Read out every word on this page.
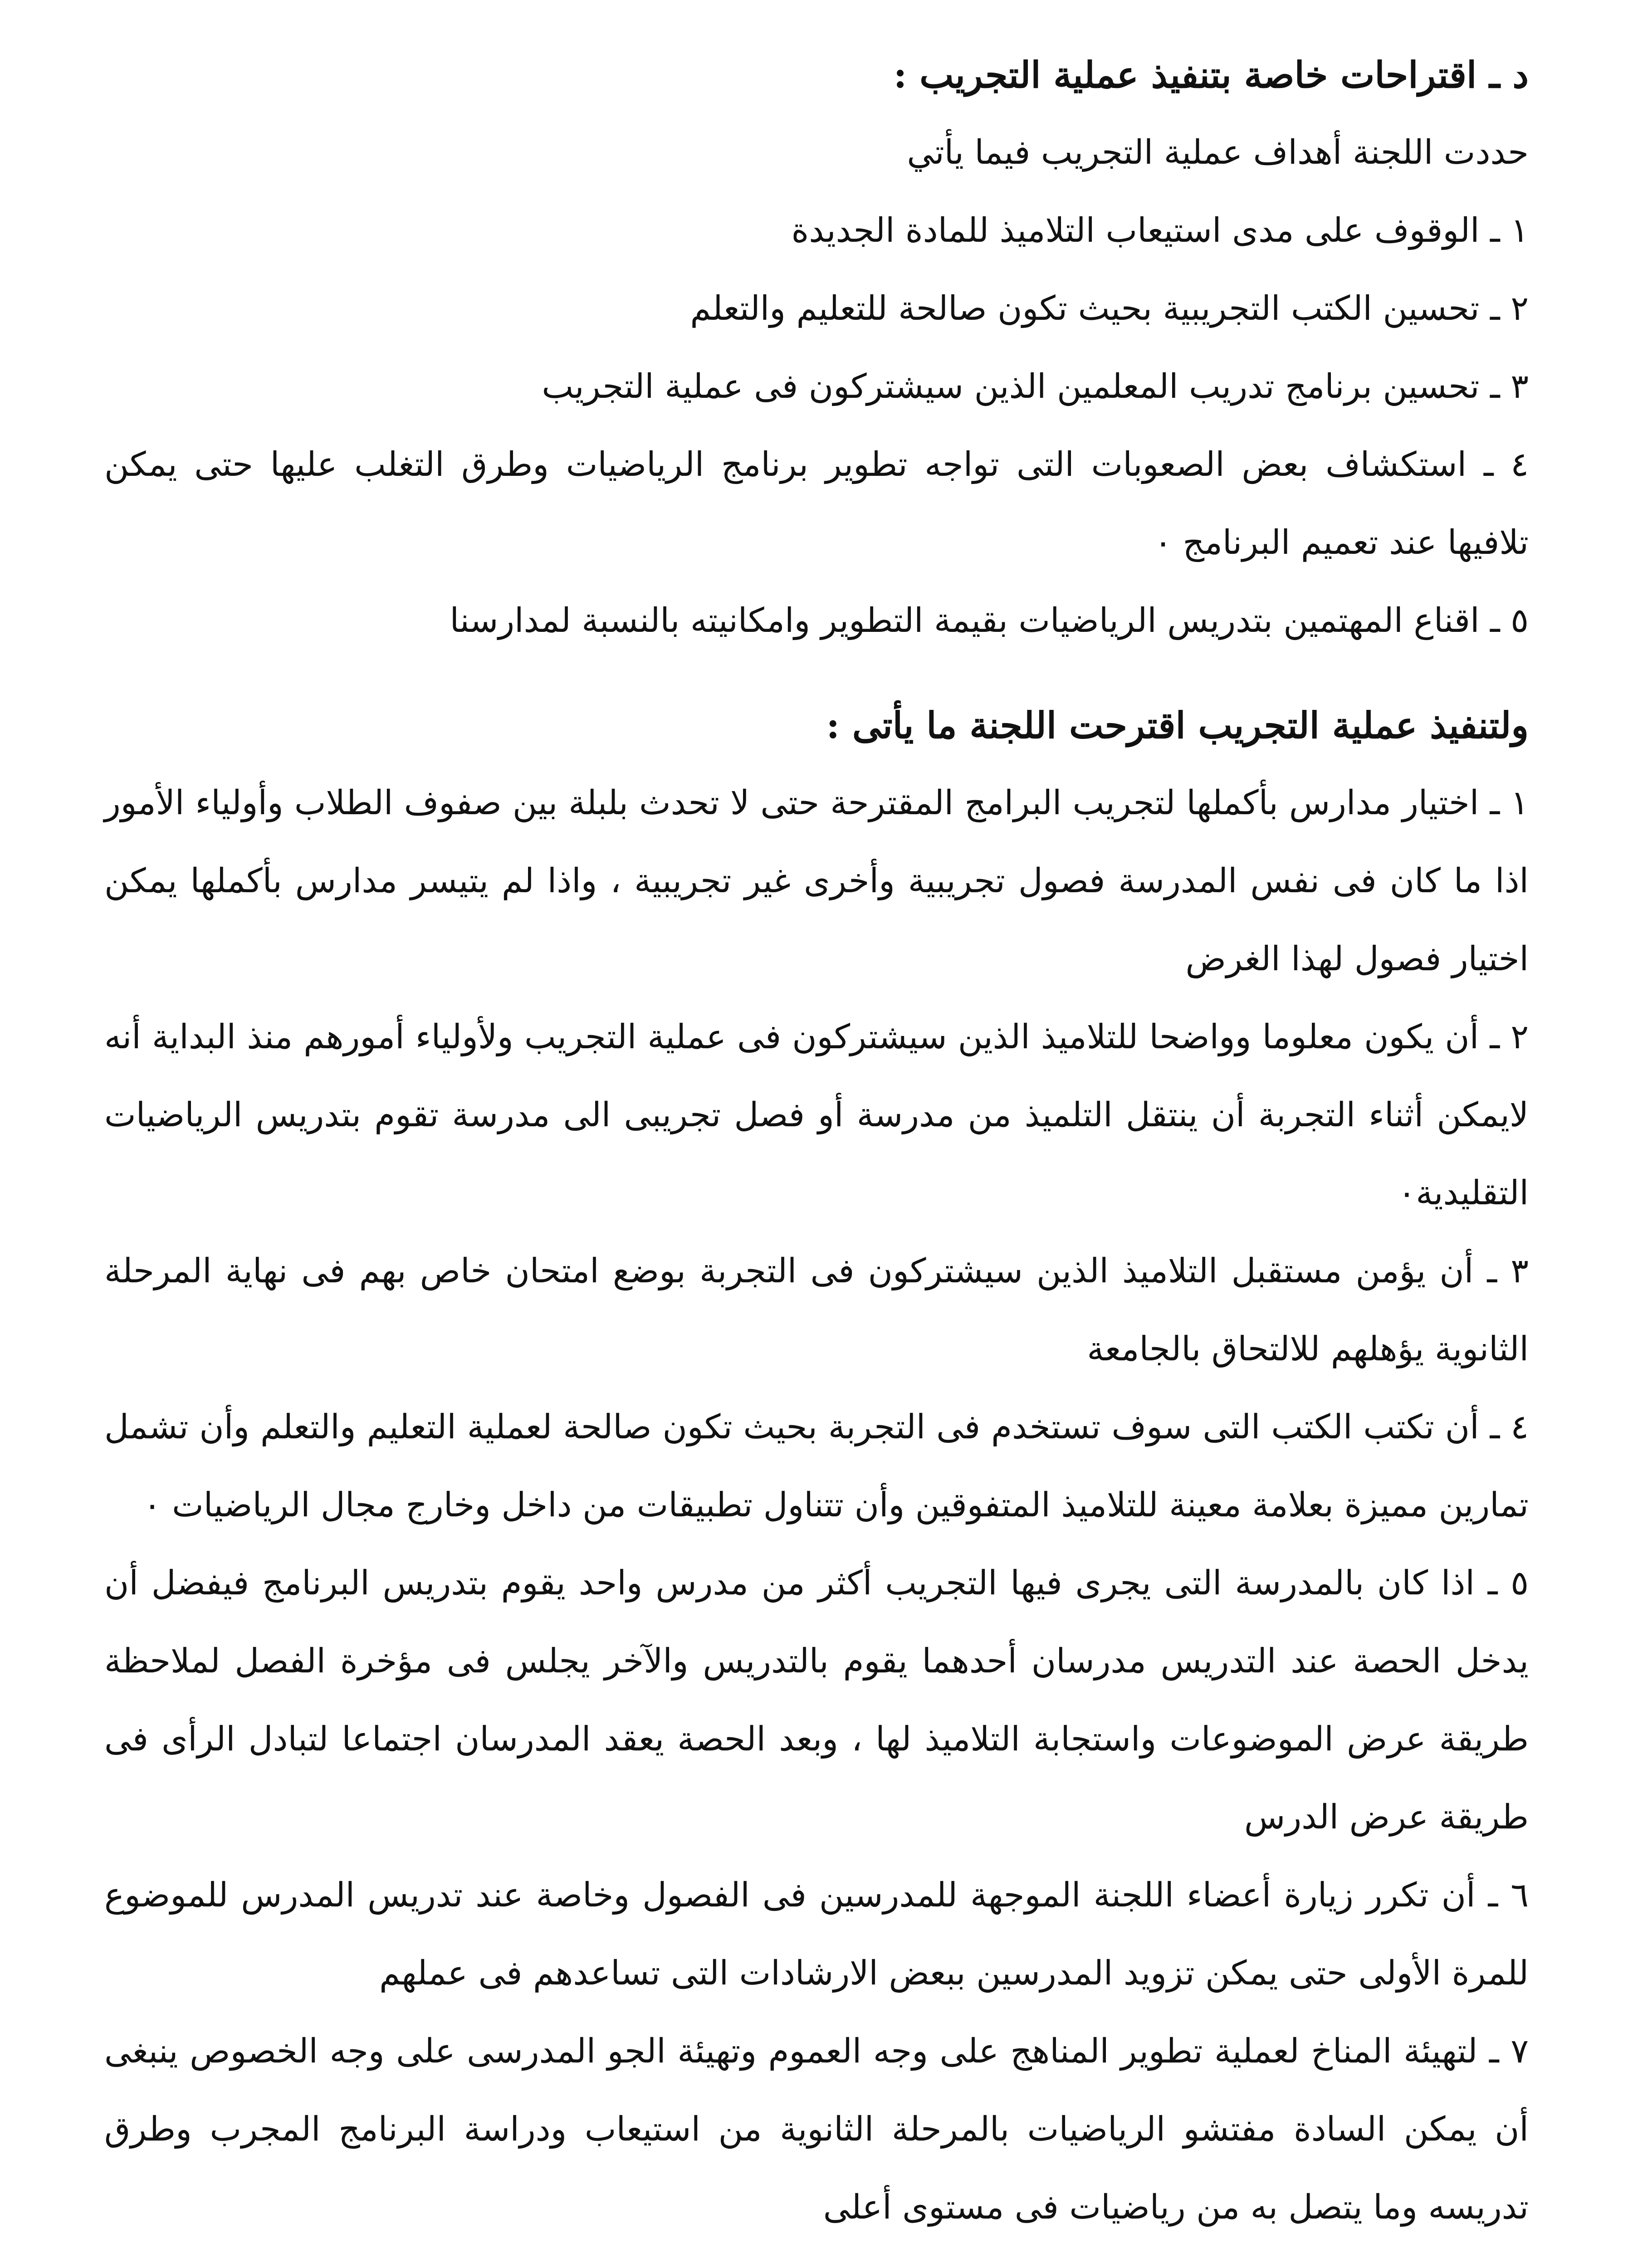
د ـ اقتراحات خاصة بتنفيذ عملية التجريب :

حددت اللجنة أهداف عملية التجريب فيما يأتي

١ ـ الوقوف على مدى استيعاب التلاميذ للمادة الجديدة

٢ ـ تحسين الكتب التجريبية بحيث تكون صالحة للتعليم والتعلم

٣ ـ تحسين برنامج تدريب المعلمين الذين سيشتركون فى عملية التجريب

٤ ـ استكشاف بعض الصعوبات التى تواجه تطوير برنامج الرياضيات وطرق التغلب عليها حتى يمكن تلافيها عند تعميم البرنامج ٠

٥ ـ اقناع المهتمين بتدريس الرياضيات بقيمة التطوير وامكانيته بالنسبة لمدارسنا

ولتنفيذ عملية التجريب اقترحت اللجنة ما يأتى :

١ ـ اختيار مدارس بأكملها لتجريب البرامج المقترحة حتى لا تحدث بلبلة بين صفوف الطلاب وأولياء الأمور اذا ما كان فى نفس المدرسة فصول تجريبية وأخرى غير تجريبية ، واذا لم يتيسر مدارس بأكملها يمكن اختيار فصول لهذا الغرض

٢ ـ أن يكون معلوما وواضحا للتلاميذ الذين سيشتركون فى عملية التجريب ولأولياء أمورهم منذ البداية أنه لايمكن أثناء التجربة أن ينتقل التلميذ من مدرسة أو فصل تجريبى الى مدرسة تقوم بتدريس الرياضيات التقليدية٠

٣ ـ أن يؤمن مستقبل التلاميذ الذين سيشتركون فى التجربة بوضع امتحان خاص بهم فى نهاية المرحلة الثانوية يؤهلهم للالتحاق بالجامعة

٤ ـ أن تكتب الكتب التى سوف تستخدم فى التجربة بحيث تكون صالحة لعملية التعليم والتعلم وأن تشمل تمارين مميزة بعلامة معينة للتلاميذ المتفوقين وأن تتناول تطبيقات من داخل وخارج مجال الرياضيات ٠

٥ ـ اذا كان بالمدرسة التى يجرى فيها التجريب أكثر من مدرس واحد يقوم بتدريس البرنامج فيفضل أن يدخل الحصة عند التدريس مدرسان أحدهما يقوم بالتدريس والآخر يجلس فى مؤخرة الفصل لملاحظة طريقة عرض الموضوعات واستجابة التلاميذ لها ، وبعد الحصة يعقد المدرسان اجتماعا لتبادل الرأى فى طريقة عرض الدرس

٦ ـ أن تكرر زيارة أعضاء اللجنة الموجهة للمدرسين فى الفصول وخاصة عند تدريس المدرس للموضوع للمرة الأولى حتى يمكن تزويد المدرسين ببعض الارشادات التى تساعدهم فى عملهم

٧ ـ لتهيئة المناخ لعملية تطوير المناهج على وجه العموم وتهيئة الجو المدرسى على وجه الخصوص ينبغى أن يمكن السادة مفتشو الرياضيات بالمرحلة الثانوية من استيعاب ودراسة البرنامج المجرب وطرق تدريسه وما يتصل به من رياضيات فى مستوى أعلى
